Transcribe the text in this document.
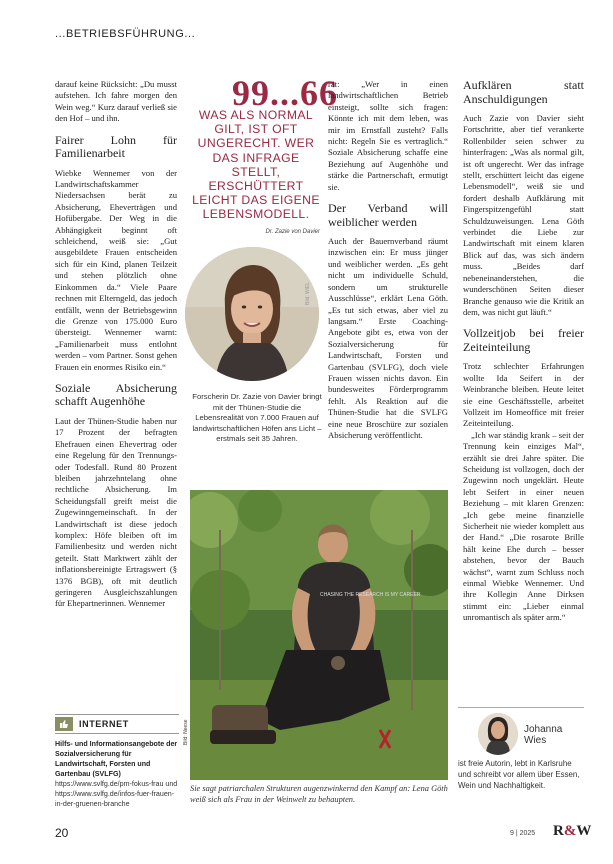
...BETRIEBSFÜHRUNG...

darauf keine Rücksicht: „Du musst aufstehen. Ich fahre morgen den Wein weg.“ Kurz darauf verließ sie den Hof – und ihn.

Fairer Lohn für Familienarbeit

Wiebke Wennemer von der Landwirtschaftskammer Niedersachsen berät zu Absicherung, Eheverträgen und Hofübergabe. Der Weg in die Abhängigkeit beginnt oft schleichend, weiß sie: „Gut ausgebildete Frauen entscheiden sich für ein Kind, planen Teilzeit und stehen plötzlich ohne Einkommen da.“ Viele Paare rechnen mit Elterngeld, das jedoch entfällt, wenn der Betriebsgewinn die Grenze von 175.000 Euro übersteigt. Wennemer warnt: „Familienarbeit muss entlohnt werden – vom Partner. Sonst gehen Frauen ein enormes Risiko ein.“

Soziale Absicherung schafft Augenhöhe

Laut der Thünen-Studie haben nur 17 Prozent der befragten Ehefrauen einen Ehevertrag oder eine Regelung für den Trennungs- oder Todesfall. Rund 80 Prozent bleiben jahrzehntelang ohne rechtliche Absicherung. Im Scheidungsfall greift meist die Zugewinngemeinschaft. In der Landwirtschaft ist diese jedoch komplex: Höfe bleiben oft im Familienbesitz und werden nicht geteilt. Statt Marktwert zählt der inflationsbereinigte Ertragswert (§ 1376 BGB), oft mit deutlich geringeren Ausgleichszahlungen für Ehepartnerinnen. Wennemer

99...66
WAS ALS NORMAL GILT, IST OFT UNGERECHT. WER DAS INFRAGE STELLT, ERSCHÜTTERT LEICHT DAS EIGENE LEBENSMODELL.
Dr. Zazie von Davier
Bild: WiEL
Forscherin Dr. Zazie von Davier bringt mit der Thünen-Studie die Lebensrealität von 7.000 Frauen auf landwirtschaftlichen Höfen ans Licht – erstmals seit 35 Jahren.

rät: „Wer in einen landwirtschaftlichen Betrieb einsteigt, sollte sich fragen: Könnte ich mit dem leben, was mir im Ernstfall zusteht? Falls nicht: Regeln Sie es vertraglich.“ Soziale Absicherung schaffe eine Beziehung auf Augenhöhe und stärke die Partnerschaft, ermutigt sie.

Der Verband will weiblicher werden

Auch der Bauernverband räumt inzwischen ein: Er muss jünger und weiblicher werden. „Es geht nicht um individuelle Schuld, sondern um strukturelle Ausschlüsse“, erklärt Lena Göth. „Es tut sich etwas, aber viel zu langsam.“ Erste Coaching-Angebote gibt es, etwa von der Sozialversicherung für Landwirtschaft, Forsten und Gartenbau (SVLFG), doch viele Frauen wissen nichts davon. Ein bundesweites Förderprogramm fehlt. Als Reaktion auf die Thünen-Studie hat die SVLFG eine neue Broschüre zur sozialen Absicherung veröffentlicht.

Aufklären statt Anschuldigungen

Auch Zazie von Davier sieht Fortschritte, aber tief verankerte Rollenbilder seien schwer zu hinterfragen: „Was als normal gilt, ist oft ungerecht. Wer das infrage stellt, erschüttert leicht das eigene Lebensmodell“, weiß sie und fordert deshalb Aufklärung mit Fingerspitzengefühl statt Schuldzuweisungen. Lena Göth verbindet die Liebe zur Landwirtschaft mit einem klaren Blick auf das, was sich ändern muss. „Beides darf nebeneinanderstehen, die wunderschönen Seiten dieser Branche genauso wie die Kritik an dem, was nicht gut läuft.“

Vollzeitjob bei freier Zeiteinteilung

Trotz schlechter Erfahrungen wollte Ida Seifert in der Weinbranche bleiben. Heute leitet sie eine Geschäftsstelle, arbeitet Vollzeit im Homeoffice mit freier Zeiteinteilung.

„Ich war ständig krank – seit der Trennung kein einziges Mal“, erzählt sie drei Jahre später. Die Scheidung ist vollzogen, doch der Zugewinn noch ungeklärt. Heute lebt Seifert in einer neuen Beziehung – mit klaren Grenzen: „Ich gebe meine finanzielle Sicherheit nie wieder komplett aus der Hand.“ „Die rosarote Brille hält keine Ehe durch – besser abstehen, bevor der Bauch wächst“, warnt zum Schluss noch einmal Wiebke Wennemer. Und ihre Kollegin Anne Dirksen stimmt ein: „Lieber einmal unromantisch als später arm.“

CHASING THE RESEARCH IS MY CAREER
Bild: Neese
Sie sagt patriarchalen Strukturen augenzwinkernd den Kampf an: Lena Göth weiß sich als Frau in der Weinwelt zu behaupten.
INTERNET
Hilfs- und Informationsangebote der Sozialversicherung für Landwirtschaft, Forsten und Gartenbau (SVLFG)
https://www.svlfg.de/pm-fokus-frau und https://www.svlfg.de/infos-fuer-frauen-in-der-gruenen-branche
Johanna
Wies
ist freie Autorin, lebt in Karlsruhe und schreibt vor allem über Essen, Wein und Nachhaltigkeit.
20	9 | 2025 R&W
